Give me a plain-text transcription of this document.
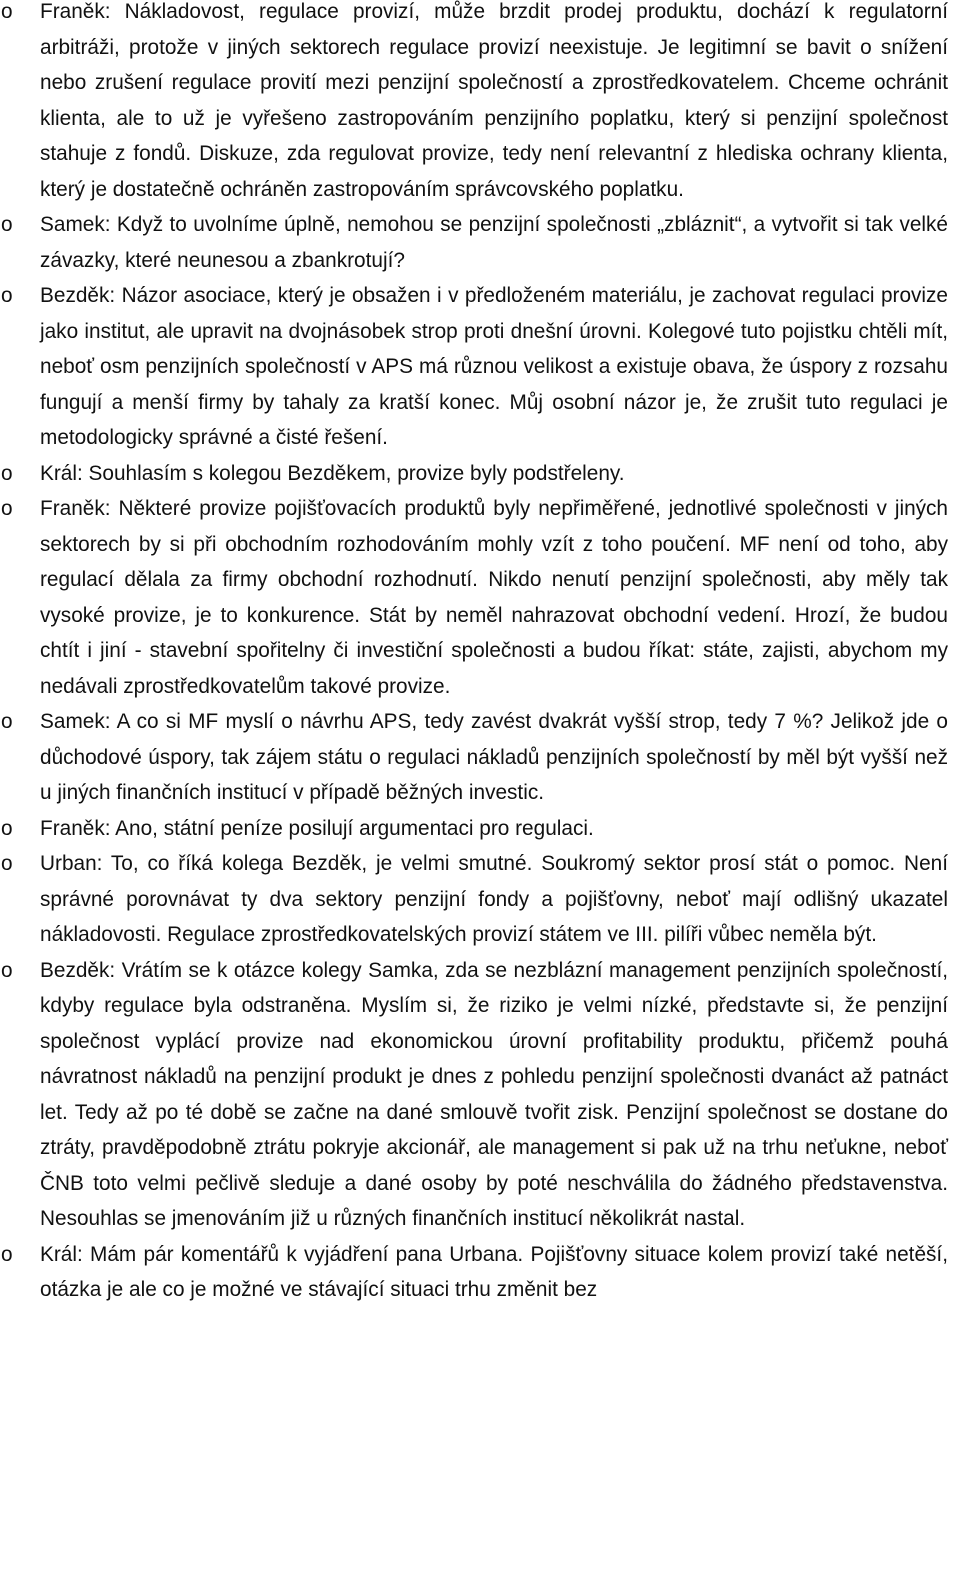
o Franěk: Nákladovost, regulace provizí, může brzdit prodej produktu, dochází k regulatorní arbitráži, protože v jiných sektorech regulace provizí neexistuje. Je legitimní se bavit o snížení nebo zrušení regulace provití mezi penzijní společností a zprostředkovatelem. Chceme ochránit klienta, ale to už je vyřešeno zastropováním penzijního poplatku, který si penzijní společnost stahuje z fondů. Diskuze, zda regulovat provize, tedy není relevantní z hlediska ochrany klienta, který je dostatečně ochráněn zastropováním správcovského poplatku.
o Samek: Když to uvolníme úplně, nemohou se penzijní společnosti „zbláznit“, a vytvořit si tak velké závazky, které neunesou a zbankrotují?
o Bezděk: Názor asociace, který je obsažen i v předloženém materiálu, je zachovat regulaci provize jako institut, ale upravit na dvojnásobek strop proti dnešní úrovni. Kolegové tuto pojistku chtěli mít, neboť osm penzijních společností v APS má různou velikost a existuje obava, že úspory z rozsahu fungují a menší firmy by tahaly za kratší konec. Můj osobní názor je, že zrušit tuto regulaci je metodologicky správné a čisté řešení.
o Král: Souhlasím s kolegou Bezděkem, provize byly podstřeleny.
o Franěk: Některé provize pojišťovacích produktů byly nepřiměřené, jednotlivé společnosti v jiných sektorech by si při obchodním rozhodováním mohly vzít z toho poučení. MF není od toho, aby regulací dělala za firmy obchodní rozhodnutí. Nikdo nenutí penzijní společnosti, aby měly tak vysoké provize, je to konkurence. Stát by neměl nahrazovat obchodní vedení. Hrozí, že budou chtít i jiní - stavební spořitelny či investiční společnosti a budou říkat: státe, zajisti, abychom my nedávali zprostředkovatelům takové provize.
o Samek: A co si MF myslí o návrhu APS, tedy zavést dvakrát vyšší strop, tedy 7 %? Jelikož jde o důchodové úspory, tak zájem státu o regulaci nákladů penzijních společností by měl být vyšší než u jiných finančních institucí v případě běžných investic.
o Franěk: Ano, státní peníze posilují argumentaci pro regulaci.
o Urban: To, co říká kolega Bezděk, je velmi smutné. Soukromý sektor prosí stát o pomoc. Není správné porovnávat ty dva sektory penzijní fondy a pojišťovny, neboť mají odlišný ukazatel nákladovosti. Regulace zprostředkovatelských provizí státem ve III. pilíři vůbec neměla být.
o Bezděk: Vrátím se k otázce kolegy Samka, zda se nezblázní management penzijních společností, kdyby regulace byla odstraněna. Myslím si, že riziko je velmi nízké, představte si, že penzijní společnost vyplácí provize nad ekonomickou úrovní profitability produktu, přičemž pouhá návratnost nákladů na penzijní produkt je dnes z pohledu penzijní společnosti dvanáct až patnáct let. Tedy až po té době se začne na dané smlouvě tvořit zisk. Penzijní společnost se dostane do ztráty, pravděpodobně ztrátu pokryje akcionář, ale management si pak už na trhu neťukne, neboť ČNB toto velmi pečlivě sleduje a dané osoby by poté neschválila do žádného představenstva. Nesouhlas se jmenováním již u různých finančních institucí několikrát nastal.
o Král: Mám pár komentářů k vyjádření pana Urbana. Pojišťovny situace kolem provizí také netěší, otázka je ale co je možné ve stávající situaci trhu změnit bez
